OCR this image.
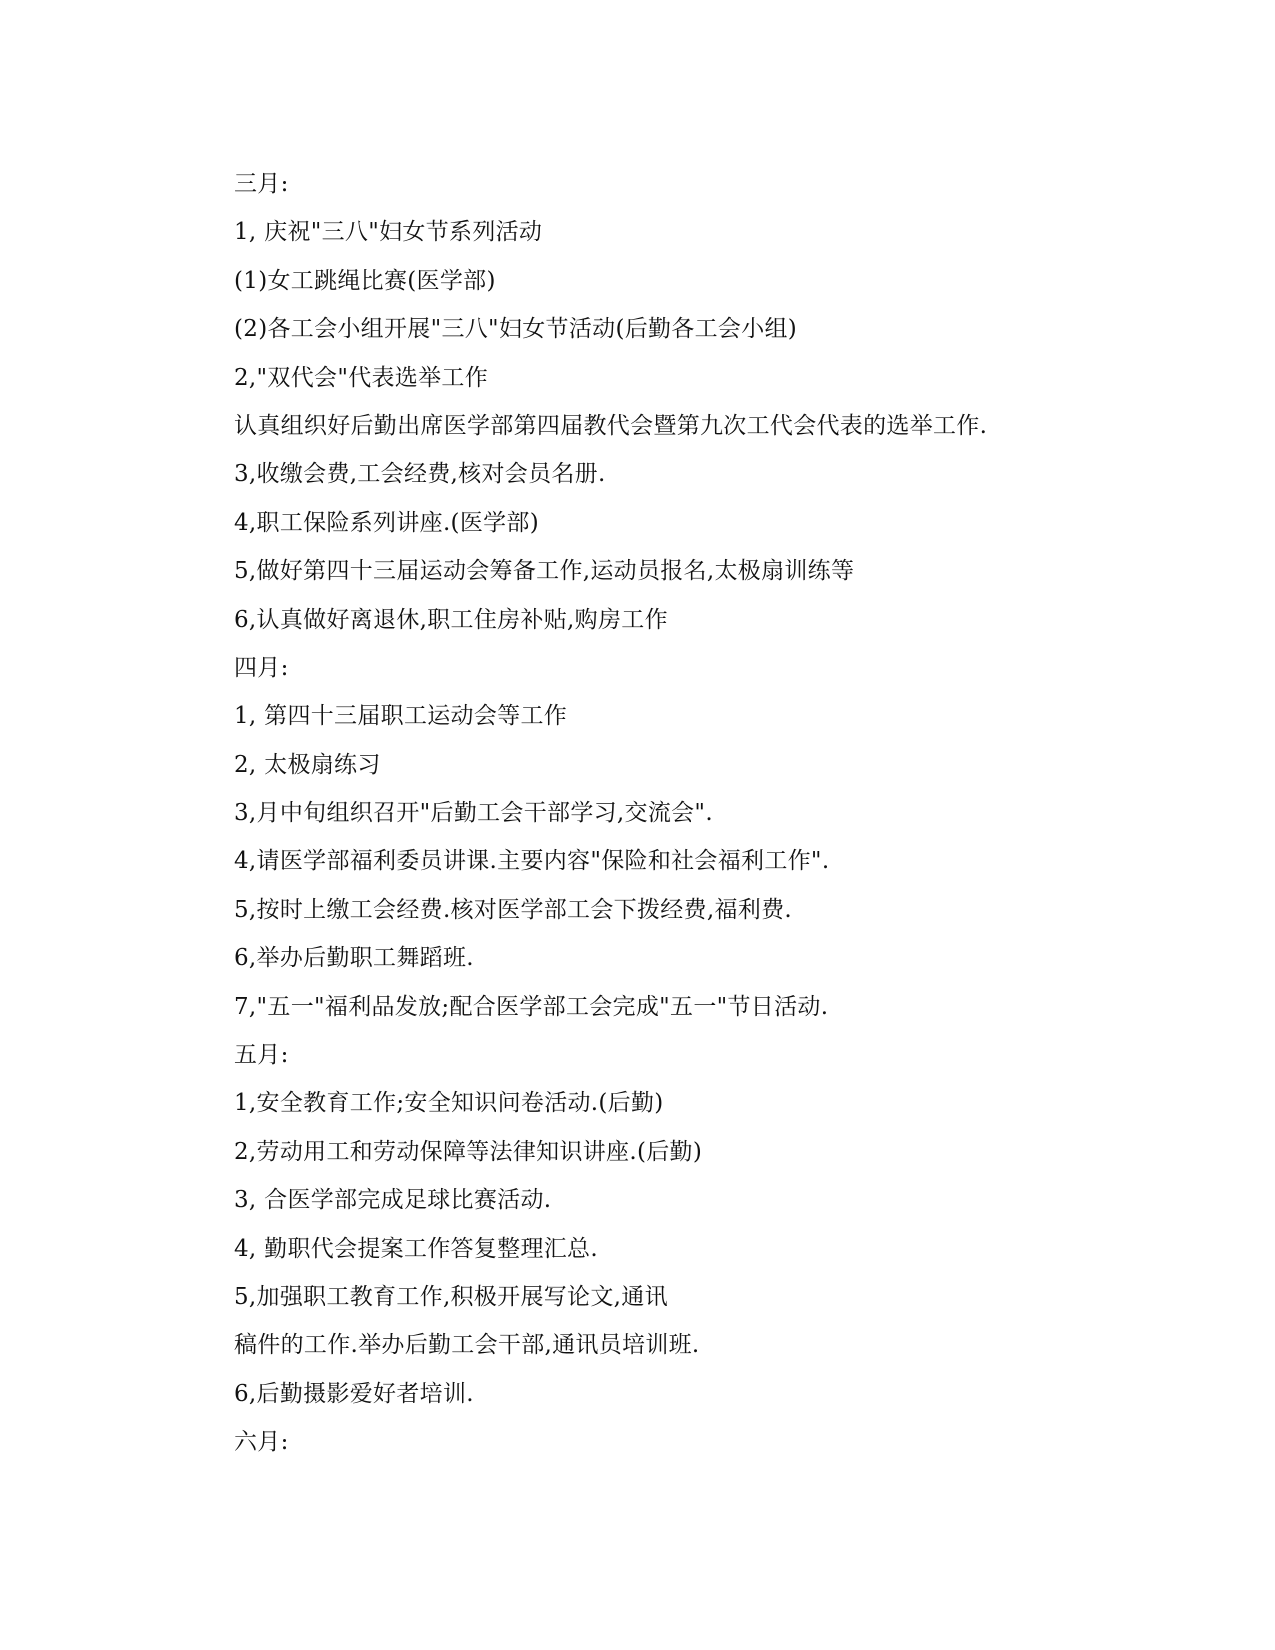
三月:
1, 庆祝"三八"妇女节系列活动
(1)女工跳绳比赛(医学部)
(2)各工会小组开展"三八"妇女节活动(后勤各工会小组)
2,"双代会"代表选举工作
认真组织好后勤出席医学部第四届教代会暨第九次工代会代表的选举工作.
3,收缴会费,工会经费,核对会员名册.
4,职工保险系列讲座.(医学部)
5,做好第四十三届运动会筹备工作,运动员报名,太极扇训练等
6,认真做好离退休,职工住房补贴,购房工作
四月:
1, 第四十三届职工运动会等工作
2, 太极扇练习
3,月中旬组织召开"后勤工会干部学习,交流会".
4,请医学部福利委员讲课.主要内容"保险和社会福利工作".
5,按时上缴工会经费.核对医学部工会下拨经费,福利费.
6,举办后勤职工舞蹈班.
7,"五一"福利品发放;配合医学部工会完成"五一"节日活动.
五月:
1,安全教育工作;安全知识问卷活动.(后勤)
2,劳动用工和劳动保障等法律知识讲座.(后勤)
3, 合医学部完成足球比赛活动.
4, 勤职代会提案工作答复整理汇总.
5,加强职工教育工作,积极开展写论文,通讯
稿件的工作.举办后勤工会干部,通讯员培训班.
6,后勤摄影爱好者培训.
六月:
